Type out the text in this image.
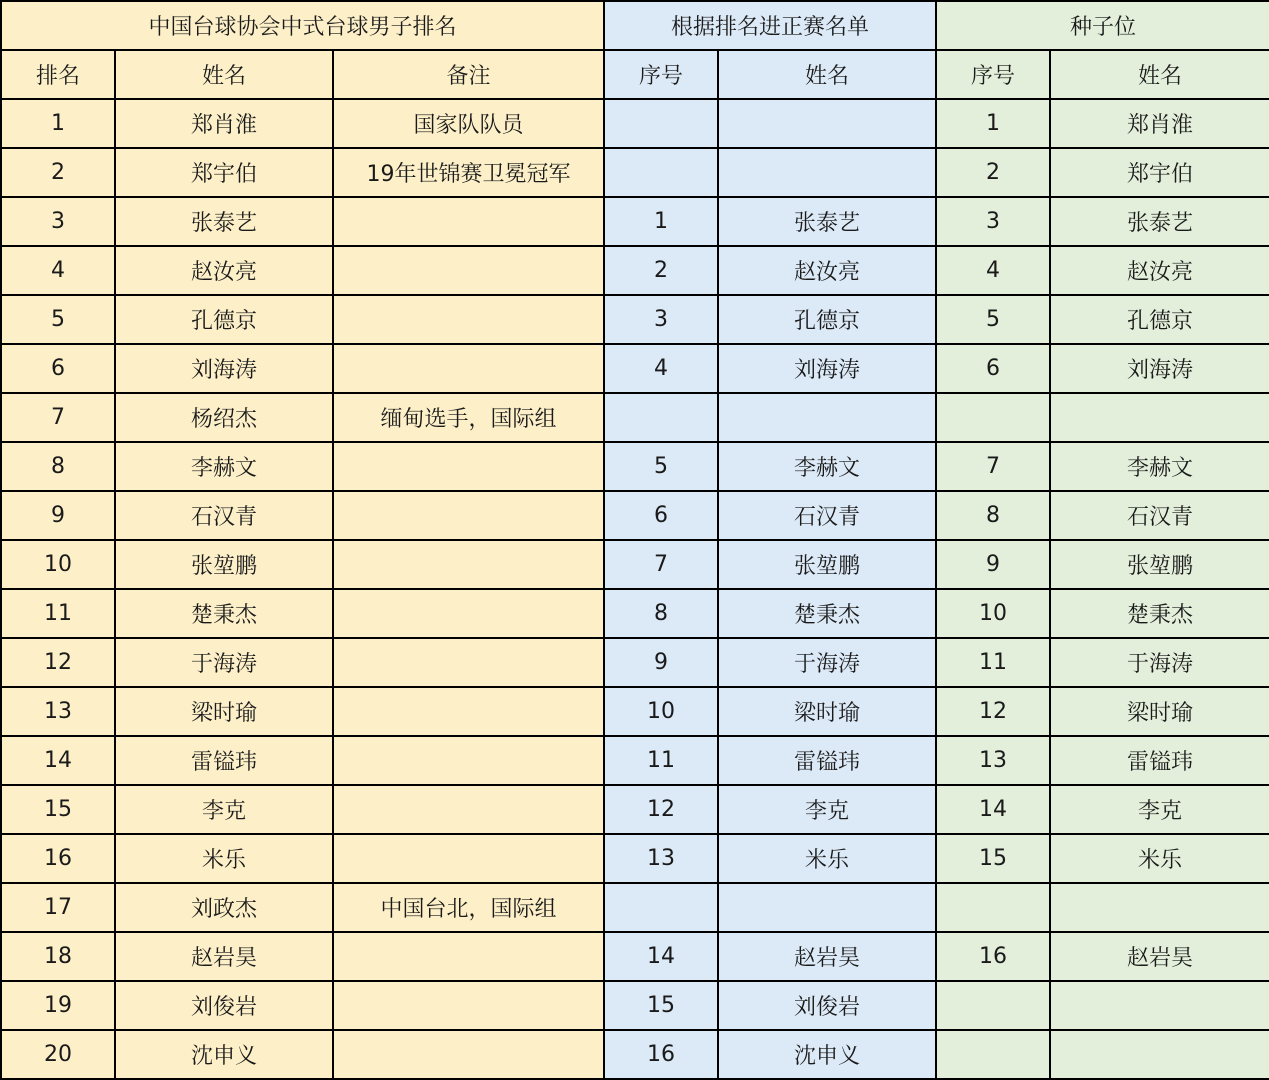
中国台球协会中式台球男子排名			根据排名进正赛名单		种子位	
排名	姓名	备注	序号	姓名	序号	姓名
1	郑肖淮	国家队队员			1	郑肖淮
2	郑宇伯	19年世锦赛卫冕冠军			2	郑宇伯
3	张泰艺		1	张泰艺	3	张泰艺
4	赵汝亮		2	赵汝亮	4	赵汝亮
5	孔德京		3	孔德京	5	孔德京
6	刘海涛		4	刘海涛	6	刘海涛
7	杨绍杰	缅甸选手，国际组				
8	李赫文		5	李赫文	7	李赫文
9	石汉青		6	石汉青	8	石汉青
10	张堃鹏		7	张堃鹏	9	张堃鹏
11	楚秉杰		8	楚秉杰	10	楚秉杰
12	于海涛		9	于海涛	11	于海涛
13	梁时瑜		10	梁时瑜	12	梁时瑜
14	雷镒玮		11	雷镒玮	13	雷镒玮
15	李克		12	李克	14	李克
16	米乐		13	米乐	15	米乐
17	刘政杰	中国台北，国际组				
18	赵岩昊		14	赵岩昊	16	赵岩昊
19	刘俊岩		15	刘俊岩		
20	沈申义		16	沈申义		
